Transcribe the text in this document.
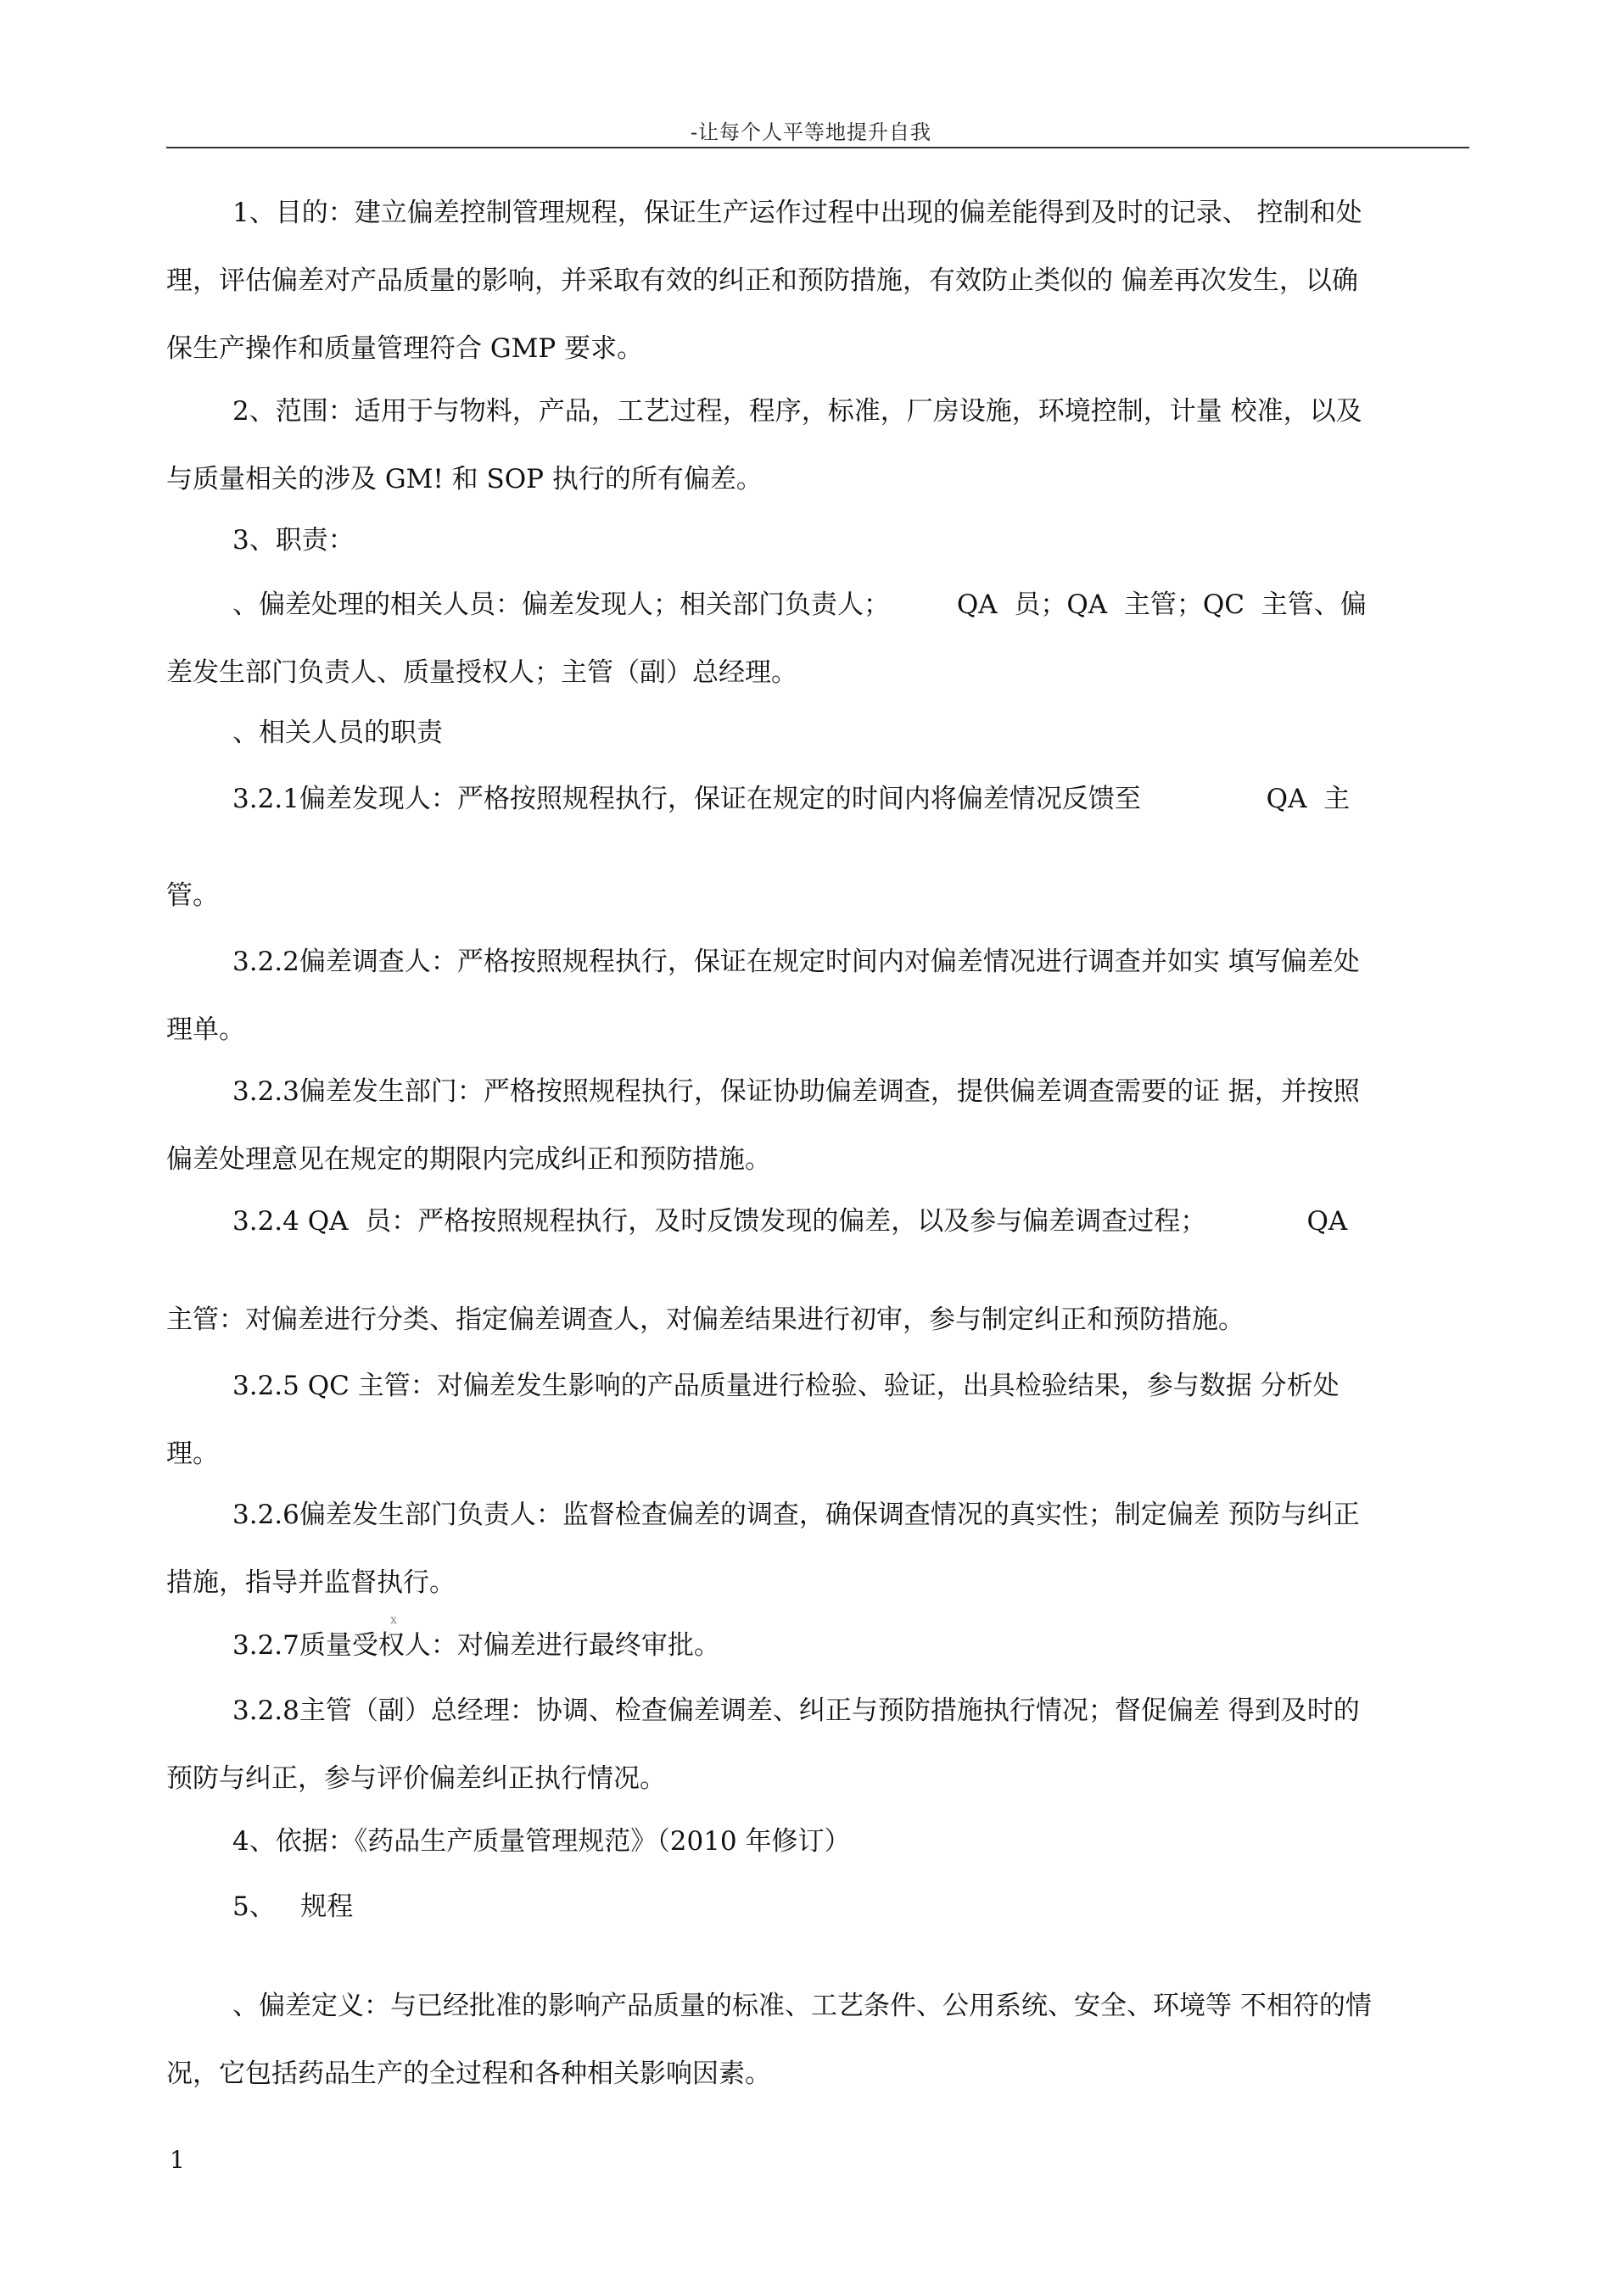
-让每个人平等地提升自我

1、目的：建立偏差控制管理规程，保证生产运作过程中出现的偏差能得到及时的记录、 控制和处
理，评估偏差对产品质量的影响，并采取有效的纠正和预防措施，有效防止类似的 偏差再次发生，以确
保生产操作和质量管理符合 GMP 要求。

2、范围：适用于与物料，产品，工艺过程，程序，标准，厂房设施，环境控制，计量 校准，以及
与质量相关的涉及 GM! 和 SOP 执行的所有偏差。

3、职责：

、偏差处理的相关人员：偏差发现人；相关部门负责人；        QA  员；QA  主管；QC  主管、偏
差发生部门负责人、质量授权人；主管（副）总经理。

、相关人员的职责

3.2.1偏差发现人：严格按照规程执行，保证在规定的时间内将偏差情况反馈至               QA  主

管。

3.2.2偏差调查人：严格按照规程执行，保证在规定时间内对偏差情况进行调查并如实 填写偏差处
理单。

3.2.3偏差发生部门：严格按照规程执行，保证协助偏差调查，提供偏差调查需要的证 据，并按照
偏差处理意见在规定的期限内完成纠正和预防措施。

3.2.4 QA  员：严格按照规程执行，及时反馈发现的偏差，以及参与偏差调查过程；            QA

主管：对偏差进行分类、指定偏差调查人，对偏差结果进行初审，参与制定纠正和预防措施。

3.2.5 QC 主管：对偏差发生影响的产品质量进行检验、验证，出具检验结果，参与数据 分析处
理。

3.2.6偏差发生部门负责人：监督检查偏差的调查，确保调查情况的真实性；制定偏差 预防与纠正
措施，指导并监督执行。

3.2.7质量受权人：对偏差进行最终审批。

3.2.8主管（副）总经理：协调、检查偏差调差、纠正与预防措施执行情况；督促偏差 得到及时的
预防与纠正，参与评价偏差纠正执行情况。

4、依据：《药品生产质量管理规范》（2010 年修订）

5、   规程

、偏差定义：与已经批准的影响产品质量的标准、工艺条件、公用系统、安全、环境等 不相符的情
况，它包括药品生产的全过程和各种相关影响因素。

x
1
